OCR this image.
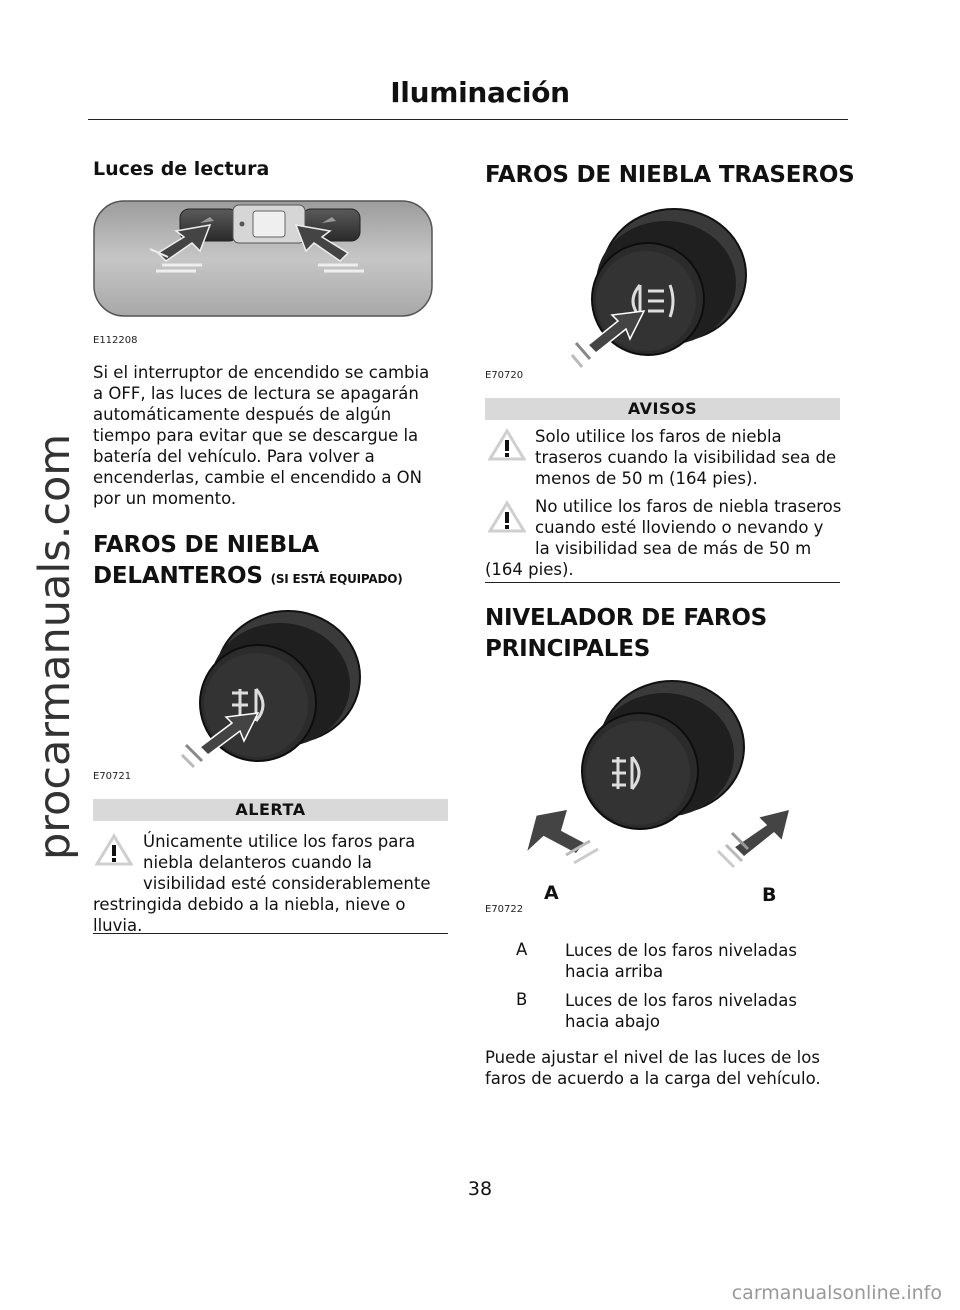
Iluminación
procarmanuals.com
Luces de lectura
E112208
Si el interruptor de encendido se cambia
a OFF, las luces de lectura se apagarán
automáticamente después de algún
tiempo para evitar que se descargue la
batería del vehículo. Para volver a
encenderlas, cambie el encendido a ON
por un momento.
FAROS DE NIEBLA
DELANTEROS (SI ESTÁ EQUIPADO)
E70721
ALERTA
Únicamente utilice los faros para
niebla delanteros cuando la
visibilidad esté considerablemente
restringida debido a la niebla, nieve o lluvia.
FAROS DE NIEBLA TRASEROS
E70720
AVISOS
Solo utilice los faros de niebla
traseros cuando la visibilidad sea de
menos de 50 m (164 pies).
No utilice los faros de niebla traseros
cuando esté lloviendo o nevando y
la visibilidad sea de más de 50 m
(164 pies).
NIVELADOR DE FAROS
PRINCIPALES
A	B
E70722
A Luces de los faros niveladas
hacia arriba
B Luces de los faros niveladas
hacia abajo
Puede ajustar el nivel de las luces de los
faros de acuerdo a la carga del vehículo.
38
carmanualsonline.info
